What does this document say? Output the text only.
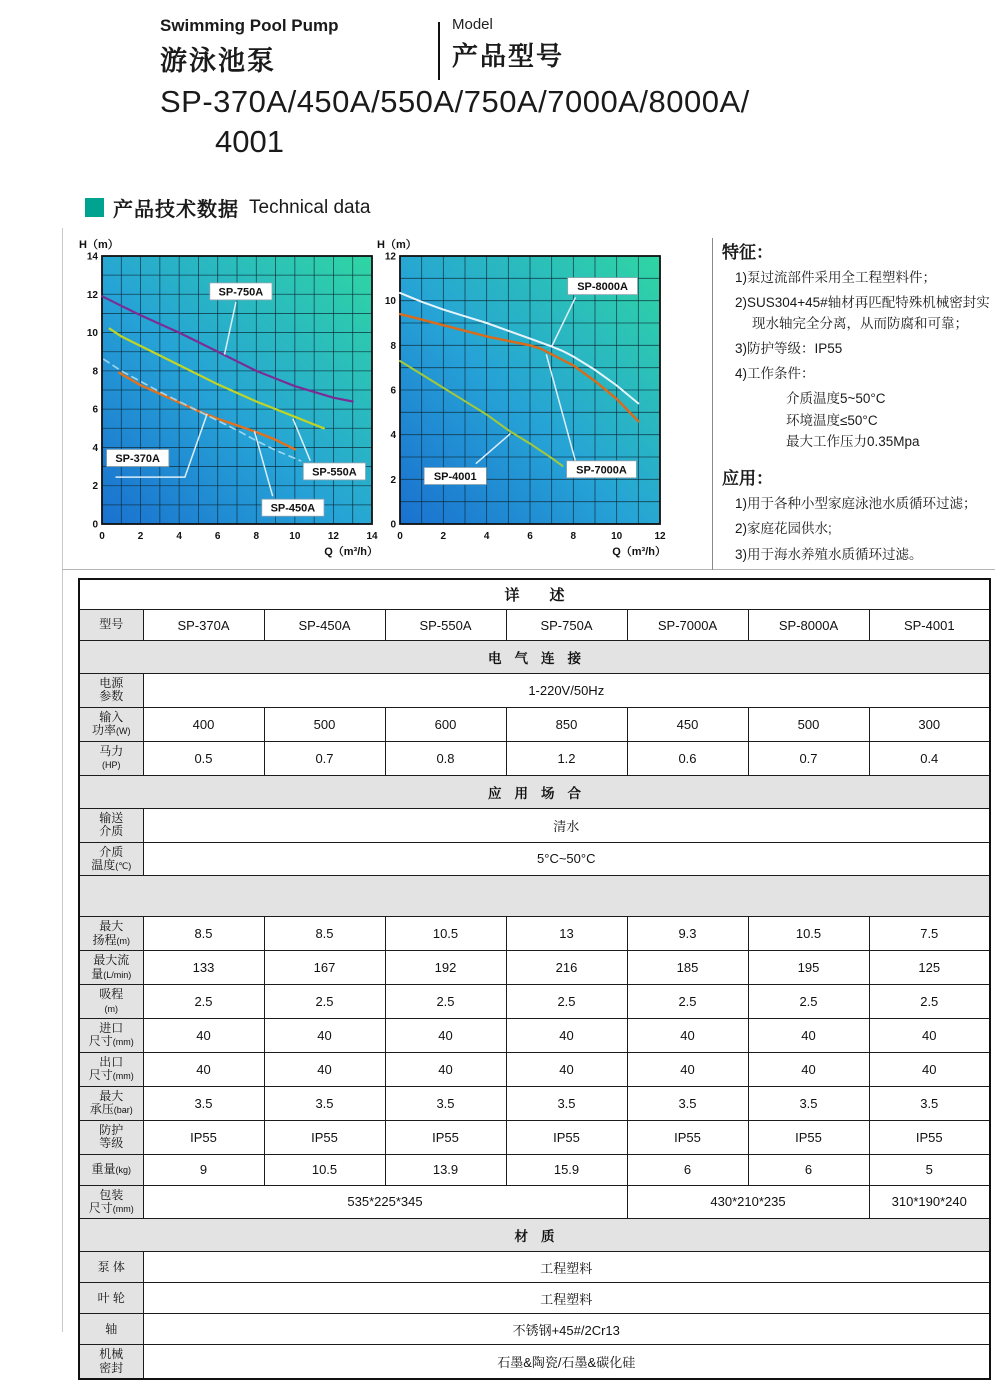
Swimming Pool Pump
游泳池泵
Model
产品型号
SP-370A/450A/550A/750A/7000A/8000A/
4001
产品技术数据 Technical data
0	2	4	6	8	10	12	14
0
2
4
6
8
10
12
14
H（m）
Q（m³/h）
SP-750A
SP-370A
SP-550A
SP-450A
0	2	4	6	8	10	12
0
2
4
6
8
10
12
H（m）
Q（m³/h）
SP-8000A
SP-4001
SP-7000A
特征：
1)泵过流部件采用全工程塑料件；
2)SUS304+45#轴材再匹配特殊机械密封实现水轴完全分离，从而防腐和可靠；
3)防护等级：IP55
4)工作条件：
介质温度5~50°C
环境温度≤50°C
最大工作压力0.35Mpa
应用：
1)用于各种小型家庭泳池水质循环过滤；
2)家庭花园供水;
3)用于海水养殖水质循环过滤。
详述							
型号	SP-370A	SP-450A	SP-550A	SP-750A	SP-7000A	SP-8000A	SP-4001
电气连接							
电源
参数	1-220V/50Hz						
输入
功率(W)	400	500	600	850	450	500	300
马力
(HP)	0.5	0.7	0.8	1.2	0.6	0.7	0.4
应用场合							
输送
介质	清水						
介质
温度(℃)	5°C~50°C						

最大
扬程(m)	8.5	8.5	10.5	13	9.3	10.5	7.5
最大流
量(L/min)	133	167	192	216	185	195	125
吸程
(m)	2.5	2.5	2.5	2.5	2.5	2.5	2.5
进口
尺寸(mm)	40	40	40	40	40	40	40
出口
尺寸(mm)	40	40	40	40	40	40	40
最大
承压(bar)	3.5	3.5	3.5	3.5	3.5	3.5	3.5
防护
等级	IP55	IP55	IP55	IP55	IP55	IP55	IP55
重量(kg)	9	10.5	13.9	15.9	6	6	5
包装
尺寸(mm)	535*225*345				430*210*235		310*190*240
材质							
泵 体	工程塑料						
叶 轮	工程塑料						
轴	不锈钢+45#/2Cr13						
机械
密封	石墨&陶瓷/石墨&碳化硅						
